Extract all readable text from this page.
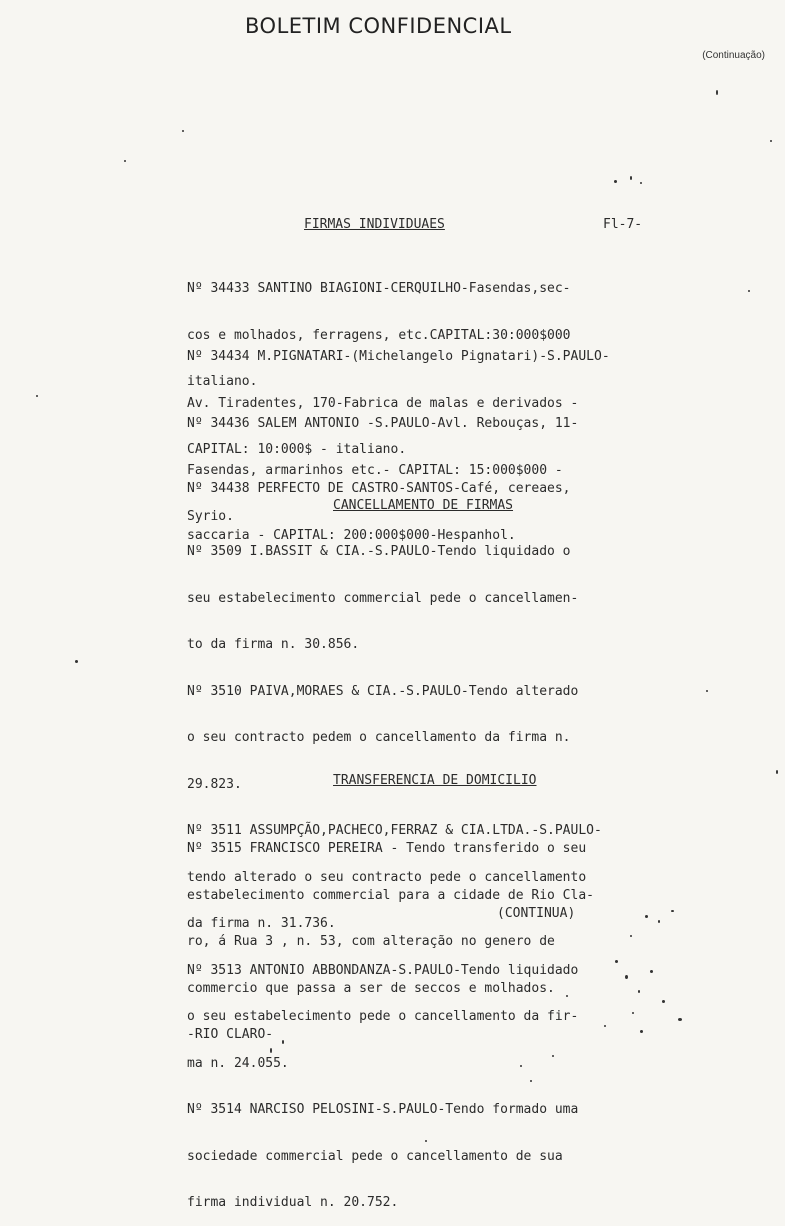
BOLETIM CONFIDENCIAL
(Continuação)
FIRMAS INDIVIDUAES	Fl-7-

Nº 34433 SANTINO BIAGIONI-CERQUILHO-Fasendas,sec-

cos e molhados, ferragens, etc.CAPITAL:30:000$000

italiano.

Nº 34434 M.PIGNATARI-(Michelangelo Pignatari)-S.PAULO-

Av. Tiradentes, 170-Fabrica de malas e derivados -

CAPITAL: 10:000$ - italiano.

Nº 34436 SALEM ANTONIO -S.PAULO-Avl. Rebouças, 11-

Fasendas, armarinhos etc.- CAPITAL: 15:000$000 -

Syrio.

Nº 34438 PERFECTO DE CASTRO-SANTOS-Café, cereaes,

saccaria - CAPITAL: 200:000$000-Hespanhol.

CANCELLAMENTO DE FIRMAS

Nº 3509 I.BASSIT & CIA.-S.PAULO-Tendo liquidado o

seu estabelecimento commercial pede o cancellamen-

to da firma n. 30.856.

Nº 3510 PAIVA,MORAES & CIA.-S.PAULO-Tendo alterado

o seu contracto pedem o cancellamento da firma n.

29.823.

Nº 3511 ASSUMPÇÃO,PACHECO,FERRAZ & CIA.LTDA.-S.PAULO-

tendo alterado o seu contracto pede o cancellamento

da firma n. 31.736.

Nº 3513 ANTONIO ABBONDANZA-S.PAULO-Tendo liquidado

o seu estabelecimento pede o cancellamento da fir-

ma n. 24.055.

Nº 3514 NARCISO PELOSINI-S.PAULO-Tendo formado uma

sociedade commercial pede o cancellamento de sua

firma individual n. 20.752.

TRANSFERENCIA DE DOMICILIO

Nº 3515 FRANCISCO PEREIRA - Tendo transferido o seu

estabelecimento commercial para a cidade de Rio Cla-

ro, á Rua 3 , n. 53, com alteração no genero de

commercio que passa a ser de seccos e molhados.

-RIO CLARO-

(CONTINUA)
